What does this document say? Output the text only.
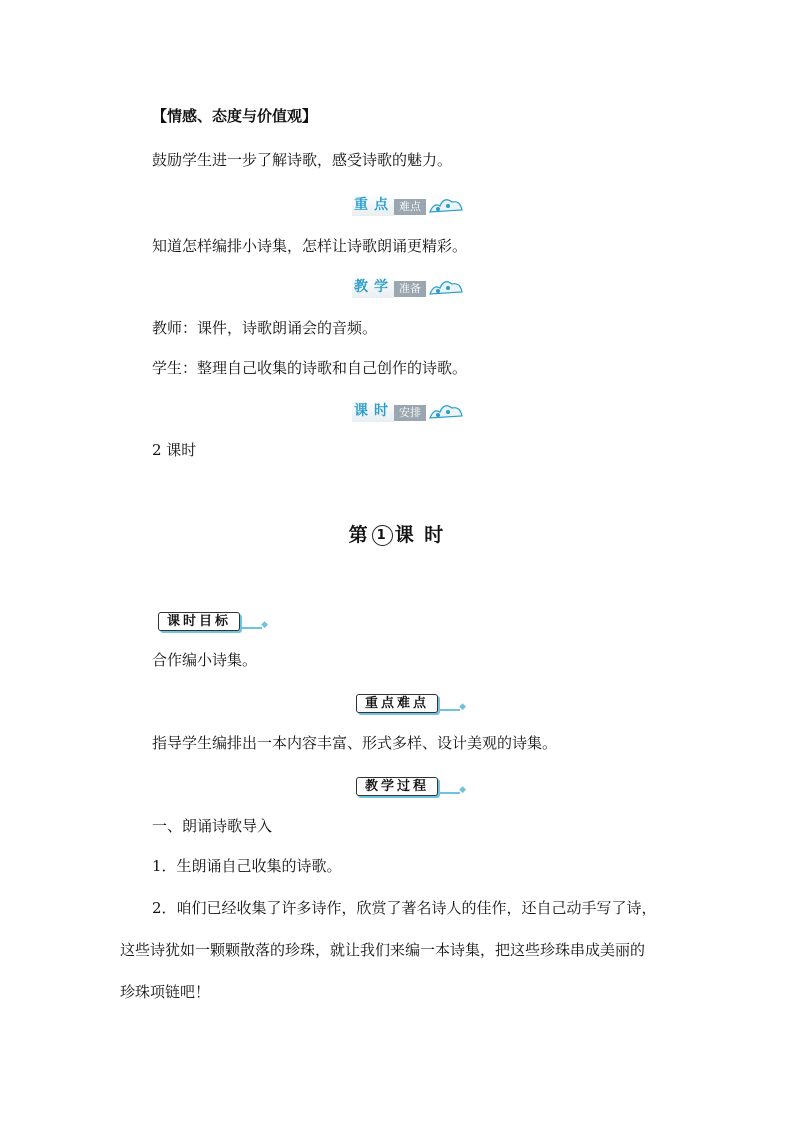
【情感、态度与价值观】
鼓励学生进一步了解诗歌，感受诗歌的魅力。
重点 难点
知道怎样编排小诗集，怎样让诗歌朗诵更精彩。
教学 准备
教师：课件，诗歌朗诵会的音频。
学生：整理自己收集的诗歌和自己创作的诗歌。
课时 安排
2 课时
第 1 课 时
课时目标
◆
合作编小诗集。
重点难点
◆
指导学生编排出一本内容丰富、形式多样、设计美观的诗集。
教学过程
◆
一、朗诵诗歌导入
1．生朗诵自己收集的诗歌。
2．咱们已经收集了许多诗作，欣赏了著名诗人的佳作，还自己动手写了诗，
这些诗犹如一颗颗散落的珍珠，就让我们来编一本诗集，把这些珍珠串成美丽的
珍珠项链吧！
